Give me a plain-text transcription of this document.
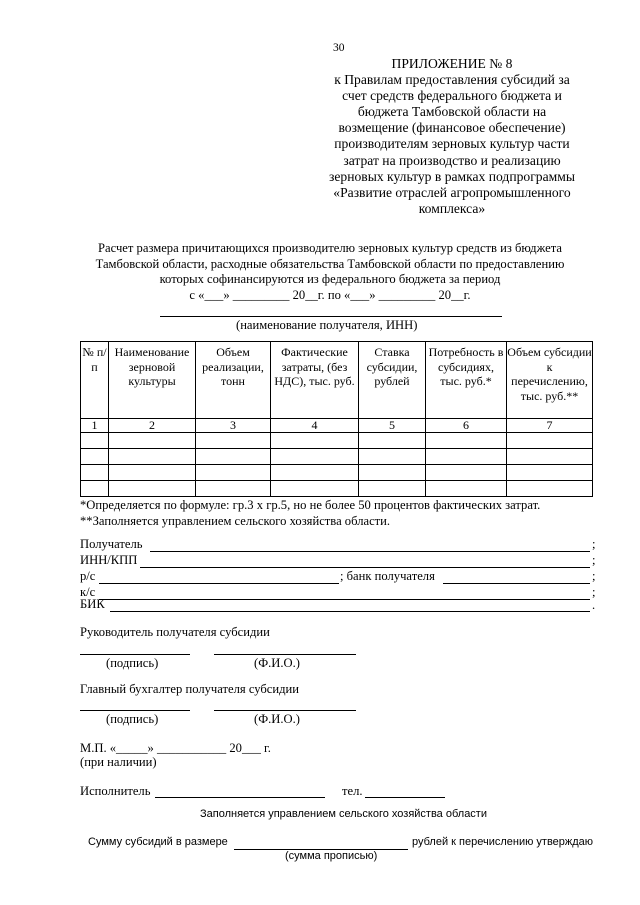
30
ПРИЛОЖЕНИЕ № 8
к Правилам предоставления субсидий за
счет средств федерального бюджета и
бюджета Тамбовской области на
возмещение (финансовое обеспечение)
производителям зерновых культур части
затрат на производство и реализацию
зерновых культур в рамках подпрограммы
«Развитие отраслей агропромышленного
комплекса»
Расчет размера причитающихся производителю зерновых культур средств из бюджета
Тамбовской области, расходные обязательства Тамбовской области по предоставлению
которых софинансируются из федерального бюджета за период
с «___» _________ 20__г. по «___» _________ 20__г.
(наименование получателя, ИНН)
№ п/п	Наименование зерновой культуры	Объем реализации, тонн	Фактические затраты, (без НДС), тыс. руб.	Ставка субсидии, рублей	Потребность в субсидиях, тыс. руб.*	Объем субсидии к перечислению, тыс. руб.**
1	2	3	4	5	6	7

*Определяется по формуле: гр.3 х гр.5, но не более 50 процентов фактических затрат.
**Заполняется управлением сельского хозяйства области.
Получатель	;
ИНН/КПП	;
р/с	; банк получателя	;
к/с	;
БИК	.
Руководитель получателя субсидии
(подпись)	(Ф.И.О.)
Главный бухгалтер получателя субсидии
(подпись)	(Ф.И.О.)
М.П. «_____» ___________ 20___ г.
(при наличии)
Исполнитель	тел.
Заполняется управлением сельского хозяйства области
Сумму субсидий в размере	рублей к перечислению утверждаю
(сумма прописью)
